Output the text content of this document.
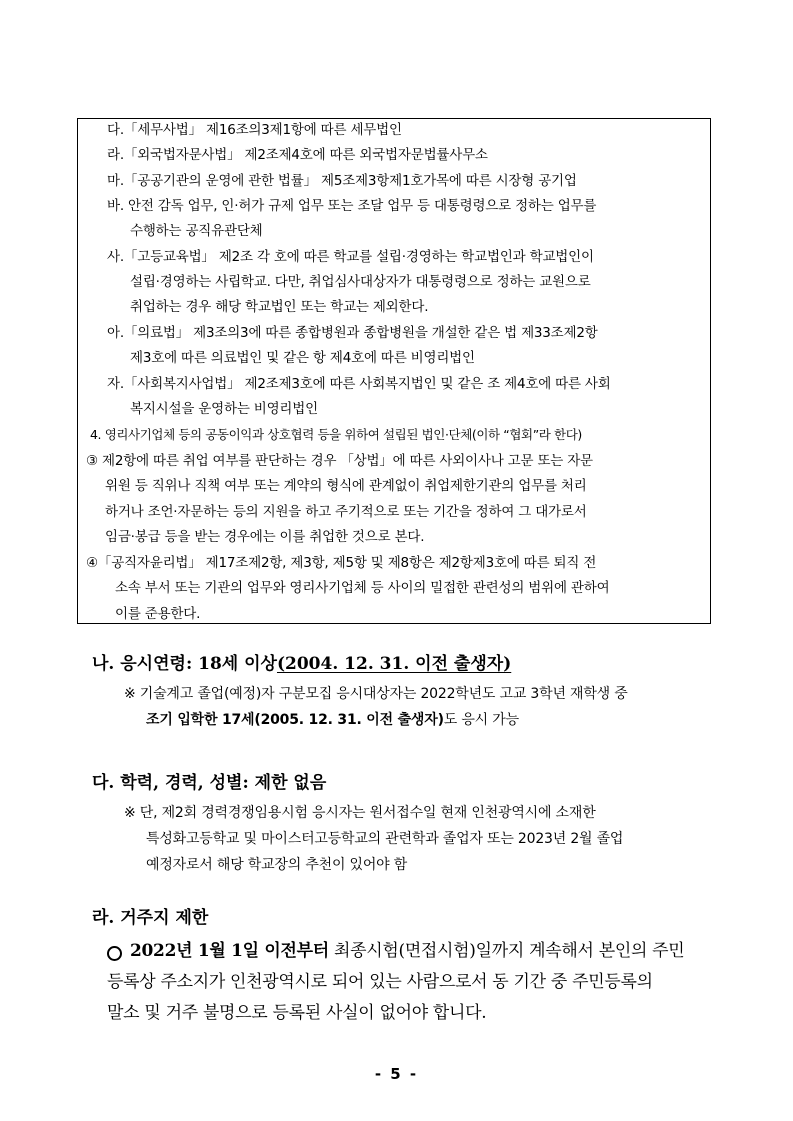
다.「세무사법」 제16조의3제1항에 따른 세무법인
라.「외국법자문사법」 제2조제4호에 따른 외국법자문법률사무소
마.「공공기관의 운영에 관한 법률」 제5조제3항제1호가목에 따른 시장형 공기업
바. 안전 감독 업무, 인·허가 규제 업무 또는 조달 업무 등 대통령령으로 정하는 업무를
수행하는 공직유관단체
사.「고등교육법」 제2조 각 호에 따른 학교를 설립·경영하는 학교법인과 학교법인이
설립·경영하는 사립학교. 다만, 취업심사대상자가 대통령령으로 정하는 교원으로
취업하는 경우 해당 학교법인 또는 학교는 제외한다.
아.「의료법」 제3조의3에 따른 종합병원과 종합병원을 개설한 같은 법 제33조제2항
제3호에 따른 의료법인 및 같은 항 제4호에 따른 비영리법인
자.「사회복지사업법」 제2조제3호에 따른 사회복지법인 및 같은 조 제4호에 따른 사회
복지시설을 운영하는 비영리법인
4. 영리사기업체 등의 공동이익과 상호협력 등을 위하여 설립된 법인·단체(이하 “협회”라 한다)
③ 제2항에 따른 취업 여부를 판단하는 경우 「상법」에 따른 사외이사나 고문 또는 자문
위원 등 직위나 직책 여부 또는 계약의 형식에 관계없이 취업제한기관의 업무를 처리
하거나 조언·자문하는 등의 지원을 하고 주기적으로 또는 기간을 정하여 그 대가로서
임금·봉급 등을 받는 경우에는 이를 취업한 것으로 본다.
④「공직자윤리법」 제17조제2항, 제3항, 제5항 및 제8항은 제2항제3호에 따른 퇴직 전
소속 부서 또는 기관의 업무와 영리사기업체 등 사이의 밀접한 관련성의 범위에 관하여
이를 준용한다.
나. 응시연령: 18세 이상(2004. 12. 31. 이전 출생자)
※ 기술계고 졸업(예정)자 구분모집 응시대상자는 2022학년도 고교 3학년 재학생 중
조기 입학한 17세(2005. 12. 31. 이전 출생자)도 응시 가능
다. 학력, 경력, 성별: 제한 없음
※ 단, 제2회 경력경쟁임용시험 응시자는 원서접수일 현재 인천광역시에 소재한
특성화고등학교 및 마이스터고등학교의 관련학과 졸업자 또는 2023년 2월 졸업
예정자로서 해당 학교장의 추천이 있어야 함
라. 거주지 제한
2022년 1월 1일 이전부터 최종시험(면접시험)일까지 계속해서 본인의 주민
등록상 주소지가 인천광역시로 되어 있는 사람으로서 동 기간 중 주민등록의
말소 및 거주 불명으로 등록된 사실이 없어야 합니다.
- 5 -
